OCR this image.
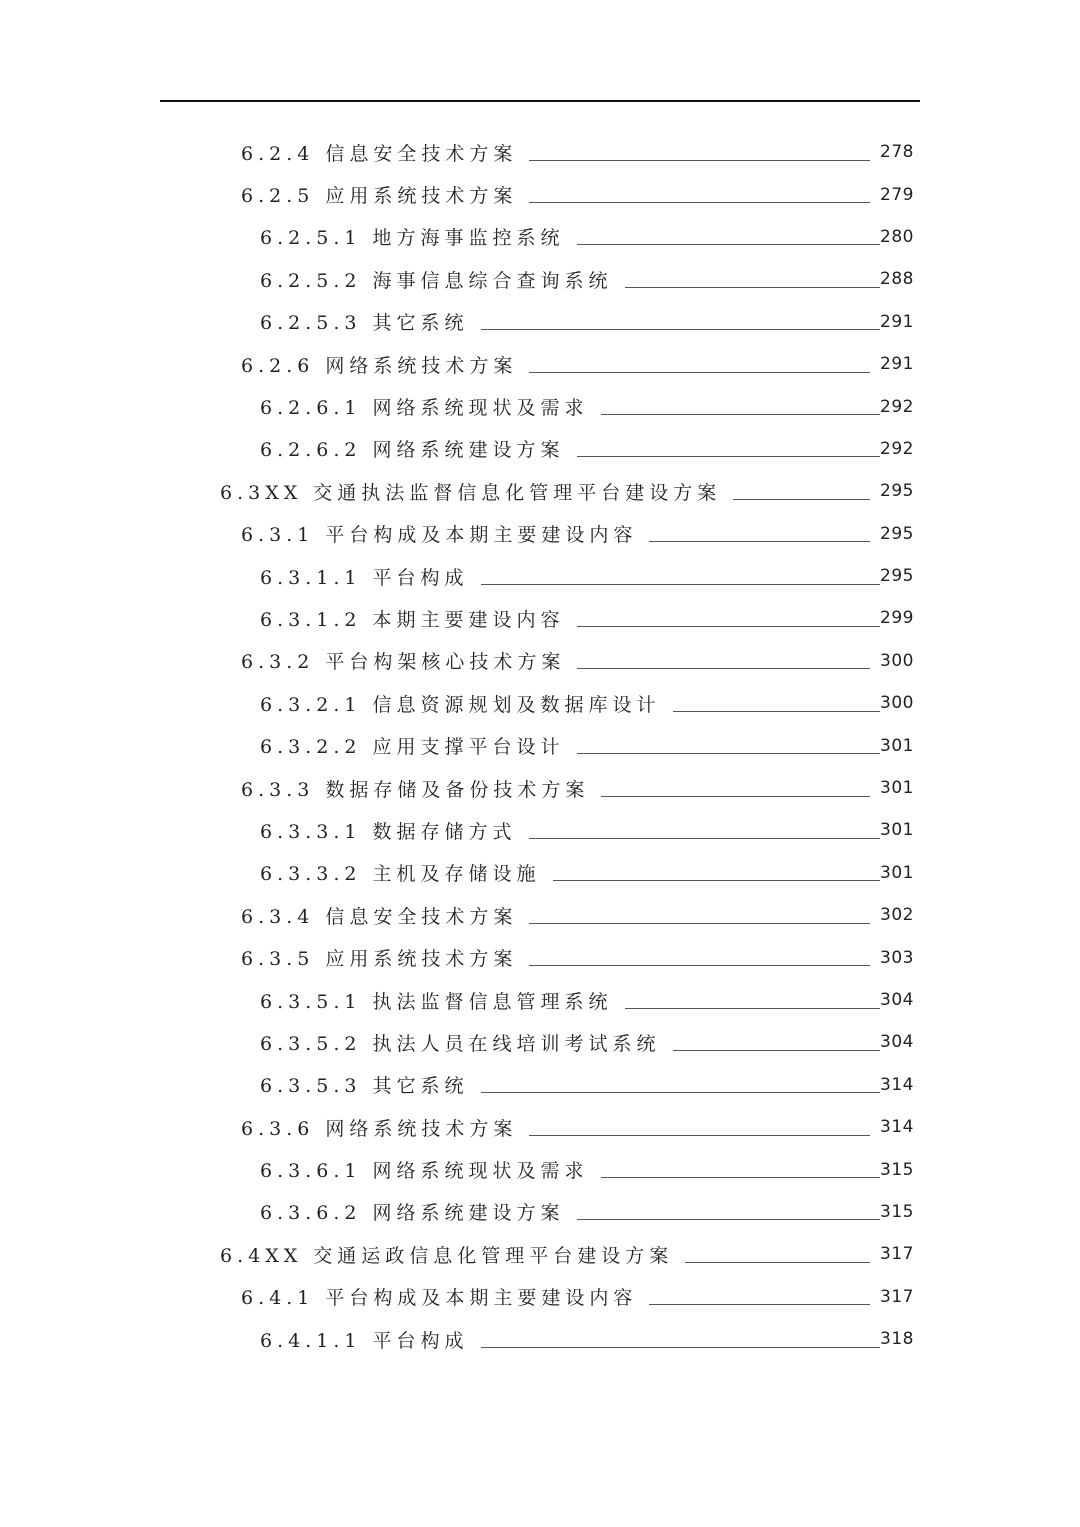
6.2.4 信息安全技术方案	278
6.2.5 应用系统技术方案	279
6.2.5.1 地方海事监控系统	280
6.2.5.2 海事信息综合查询系统	288
6.2.5.3 其它系统	291
6.2.6 网络系统技术方案	291
6.2.6.1 网络系统现状及需求	292
6.2.6.2 网络系统建设方案	292
6.3XX 交通执法监督信息化管理平台建设方案	295
6.3.1 平台构成及本期主要建设内容	295
6.3.1.1 平台构成	295
6.3.1.2 本期主要建设内容	299
6.3.2 平台构架核心技术方案	300
6.3.2.1 信息资源规划及数据库设计	300
6.3.2.2 应用支撑平台设计	301
6.3.3 数据存储及备份技术方案	301
6.3.3.1 数据存储方式	301
6.3.3.2 主机及存储设施	301
6.3.4 信息安全技术方案	302
6.3.5 应用系统技术方案	303
6.3.5.1 执法监督信息管理系统	304
6.3.5.2 执法人员在线培训考试系统	304
6.3.5.3 其它系统	314
6.3.6 网络系统技术方案	314
6.3.6.1 网络系统现状及需求	315
6.3.6.2 网络系统建设方案	315
6.4XX 交通运政信息化管理平台建设方案	317
6.4.1 平台构成及本期主要建设内容	317
6.4.1.1 平台构成	318
